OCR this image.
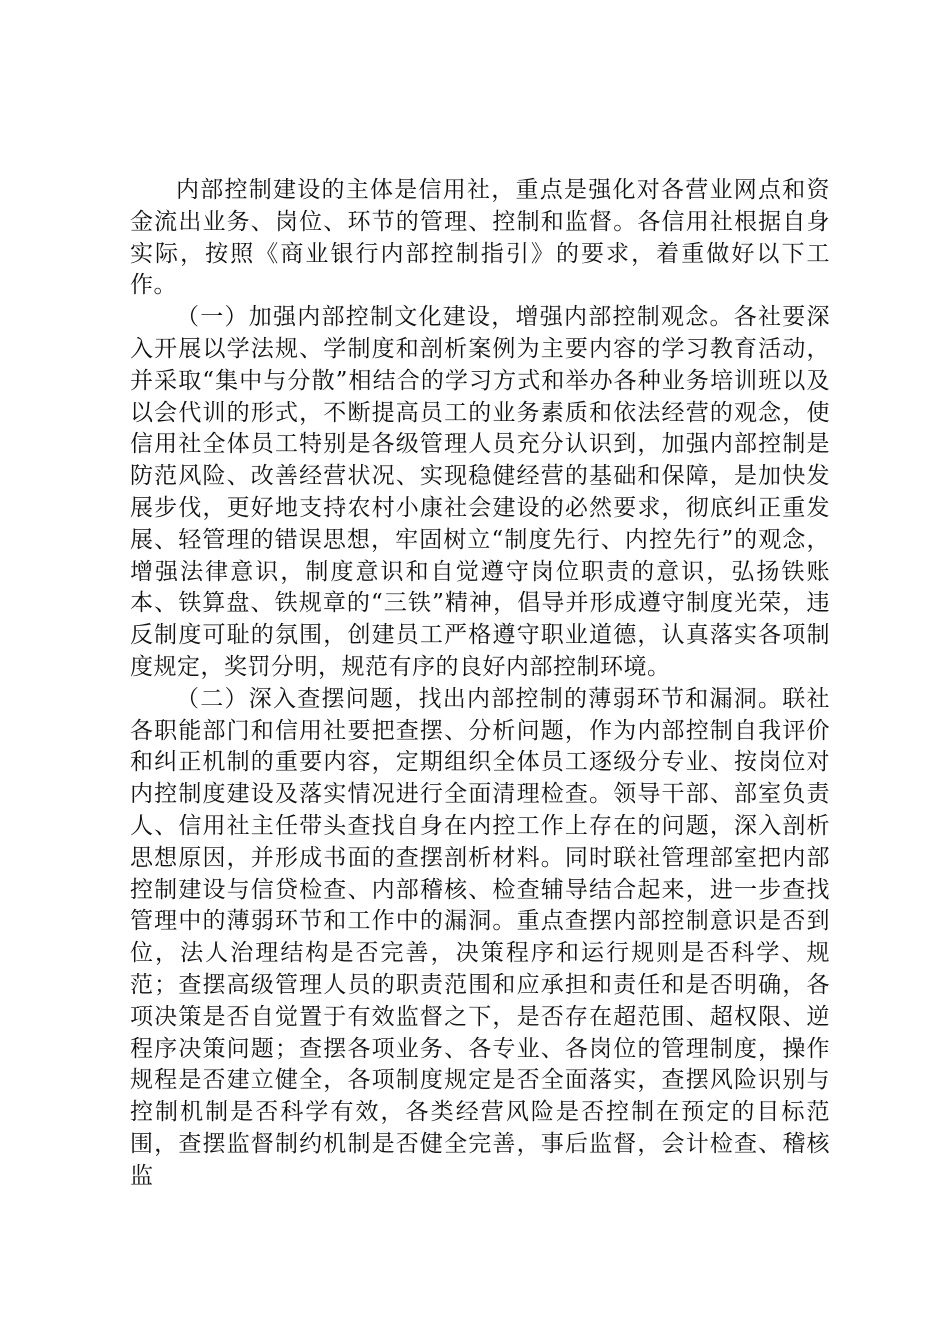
内部控制建设的主体是信用社，重点是强化对各营业网点和资金流出业务、岗位、环节的管理、控制和监督。各信用社根据自身实际，按照《商业银行内部控制指引》的要求，着重做好以下工作。

（一）加强内部控制文化建设，增强内部控制观念。各社要深入开展以学法规、学制度和剖析案例为主要内容的学习教育活动，并采取“集中与分散”相结合的学习方式和举办各种业务培训班以及以会代训的形式，不断提高员工的业务素质和依法经营的观念，使信用社全体员工特别是各级管理人员充分认识到，加强内部控制是防范风险、改善经营状况、实现稳健经营的基础和保障，是加快发展步伐，更好地支持农村小康社会建设的必然要求，彻底纠正重发展、轻管理的错误思想，牢固树立“制度先行、内控先行”的观念，增强法律意识，制度意识和自觉遵守岗位职责的意识，弘扬铁账本、铁算盘、铁规章的“三铁”精神，倡导并形成遵守制度光荣，违反制度可耻的氛围，创建员工严格遵守职业道德，认真落实各项制度规定，奖罚分明，规范有序的良好内部控制环境。

（二）深入查摆问题，找出内部控制的薄弱环节和漏洞。联社各职能部门和信用社要把查摆、分析问题，作为内部控制自我评价和纠正机制的重要内容，定期组织全体员工逐级分专业、按岗位对内控制度建设及落实情况进行全面清理检查。领导干部、部室负责人、信用社主任带头查找自身在内控工作上存在的问题，深入剖析思想原因，并形成书面的查摆剖析材料。同时联社管理部室把内部控制建设与信贷检查、内部稽核、检查辅导结合起来，进一步查找管理中的薄弱环节和工作中的漏洞。重点查摆内部控制意识是否到位，法人治理结构是否完善，决策程序和运行规则是否科学、规范；查摆高级管理人员的职责范围和应承担和责任和是否明确，各项决策是否自觉置于有效监督之下，是否存在超范围、超权限、逆程序决策问题；查摆各项业务、各专业、各岗位的管理制度，操作规程是否建立健全，各项制度规定是否全面落实，查摆风险识别与控制机制是否科学有效，各类经营风险是否控制在预定的目标范围，查摆监督制约机制是否健全完善，事后监督，会计检查、稽核监
